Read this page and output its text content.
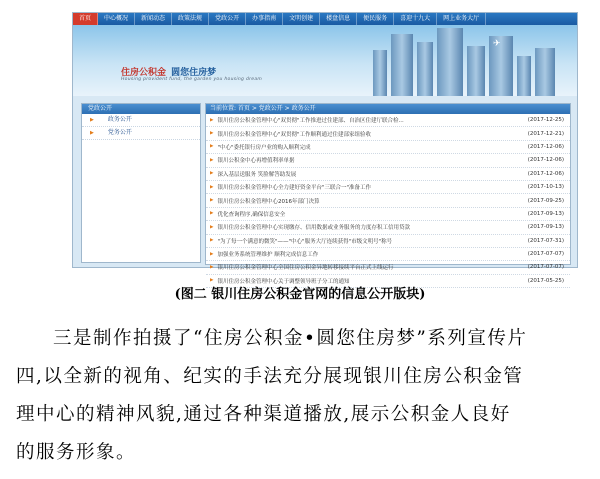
首页	中心概况	新闻动态	政策法规	党政公开	办事指南	文明创建	楼盘信息	便民服务	喜迎十九大	网上业务大厅
✈
住房公积金 圆您住房梦
Housing provident fund, the garden you housing dream
党政公开
▶ 政务公开
▶ 党务公开
当前位置: 首页 > 党政公开 > 政务公开
▶ 银川住房公积金管理中心"双贯彻"工作推进过住建部、自治区住建厅联合检...	(2017-12-25)
▶ 银川住房公积金管理中心"双贯彻"工作顺利通过住建部家组验收	(2017-12-21)
▶ "中心"委托银行房户业的购入顺利完成	(2017-12-06)
▶ 银川公积金中心再增值利率单据	(2017-12-06)
▶ 深入基层送服务 笑脸解答助发展	(2017-12-06)
▶ 银川住房公积金管理中心全力建好资金平台"三联合一"准备工作	(2017-10-13)
▶ 银川住房公积金管理中心2016年部门决算	(2017-09-25)
▶ 优化查询程序,确保信息安全	(2017-09-13)
▶ 银川住房公积金管理中心实现缴存、信用数据或业务服务的力度存积工信用贷款	(2017-09-13)
▶ "为了每一个满意的微笑"——"中心"服务大厅连续获得"市级文明号"称号	(2017-07-31)
▶ 加强业务系统管理维护 顺利完成信息工作	(2017-07-07)
▶ 银川住房公积金管理中心全国住房公积金异地转移接续平台正式上线运行	(2017-07-07)
▶ 银川住房公积金管理中心关于调整领导班子分工的通知	(2017-05-25)
(图二 银川住房公积金官网的信息公开版块)
三是制作拍摄了“住房公积金•圆您住房梦”系列宣传片
四,以全新的视角、纪实的手法充分展现银川住房公积金管
理中心的精神风貌,通过各种渠道播放,展示公积金人良好
的服务形象。
